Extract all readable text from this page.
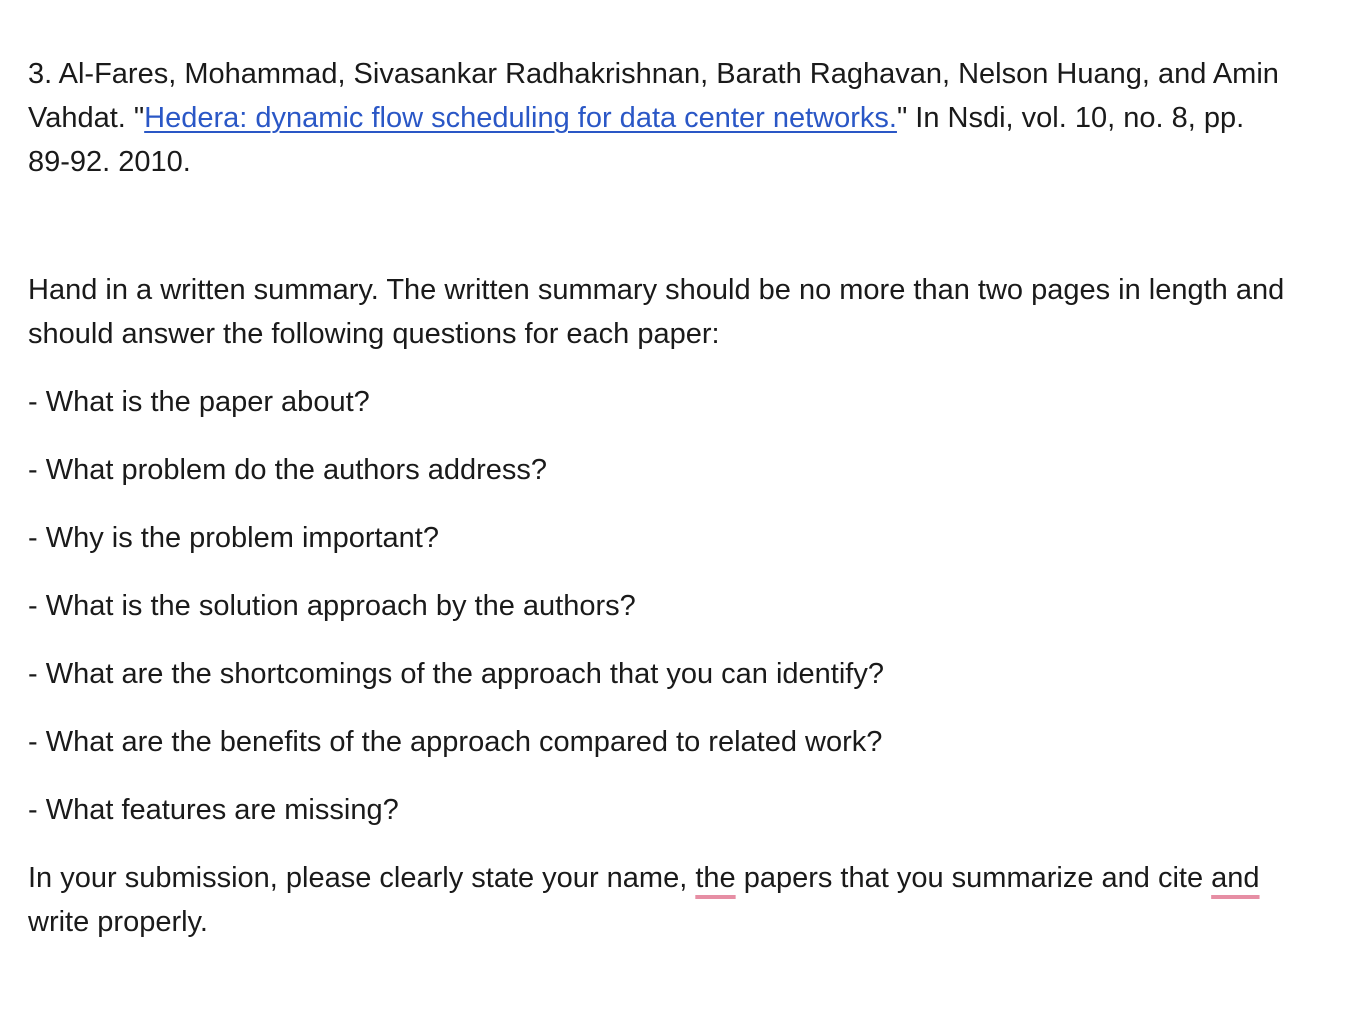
3. Al-Fares, Mohammad, Sivasankar Radhakrishnan, Barath Raghavan, Nelson Huang, and Amin Vahdat. "Hedera: dynamic flow scheduling for data center networks." In Nsdi, vol. 10, no. 8, pp. 89-92. 2010.

Hand in a written summary. The written summary should be no more than two pages in length and should answer the following questions for each paper:

- What is the paper about?

- What problem do the authors address?

- Why is the problem important?

- What is the solution approach by the authors?

- What are the shortcomings of the approach that you can identify?

- What are the benefits of the approach compared to related work?

- What features are missing?

In your submission, please clearly state your name, the papers that you summarize and cite and write properly.
